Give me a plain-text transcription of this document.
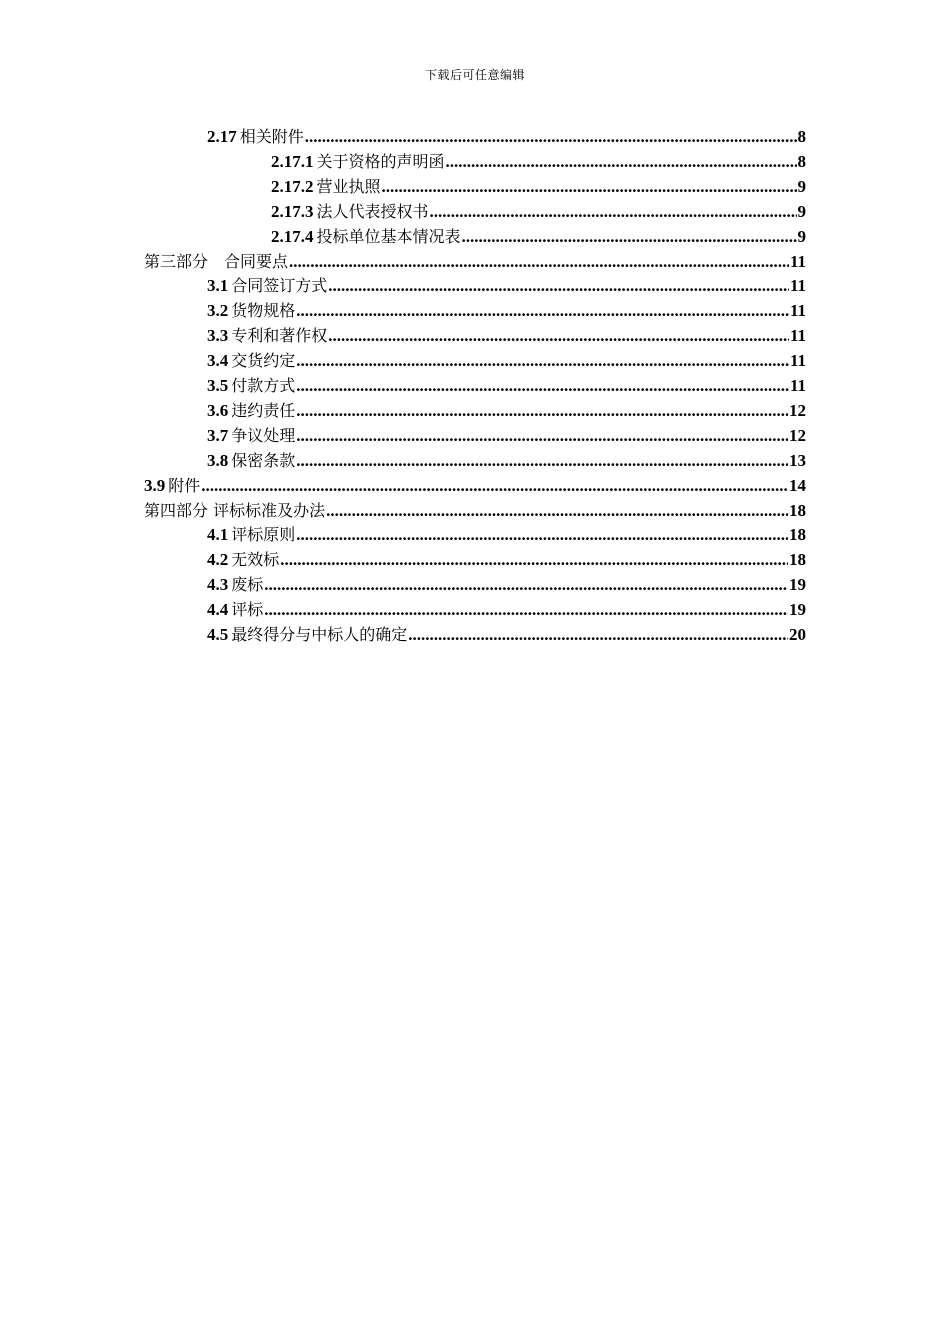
下载后可任意编辑
2.17 相关附件 .....	8
2.17.1 关于资格的声明函 .....	8
2.17.2 营业执照 .....	9
2.17.3 法人代表授权书 .....	9
2.17.4 投标单位基本情况表 .....	9
第三部分　合同要点 .....	11
3.1 合同签订方式 .....	11
3.2 货物规格 .....	11
3.3 专利和著作权 .....	11
3.4 交货约定 .....	11
3.5 付款方式 .....	11
3.6 违约责任 .....	12
3.7 争议处理 .....	12
3.8 保密条款 .....	13
3.9 附件 .....	14
第四部分 评标标准及办法 .....	18
4.1 评标原则 .....	18
4.2 无效标 .....	18
4.3 废标 .....	19
4.4 评标 .....	19
4.5 最终得分与中标人的确定 .....	20
